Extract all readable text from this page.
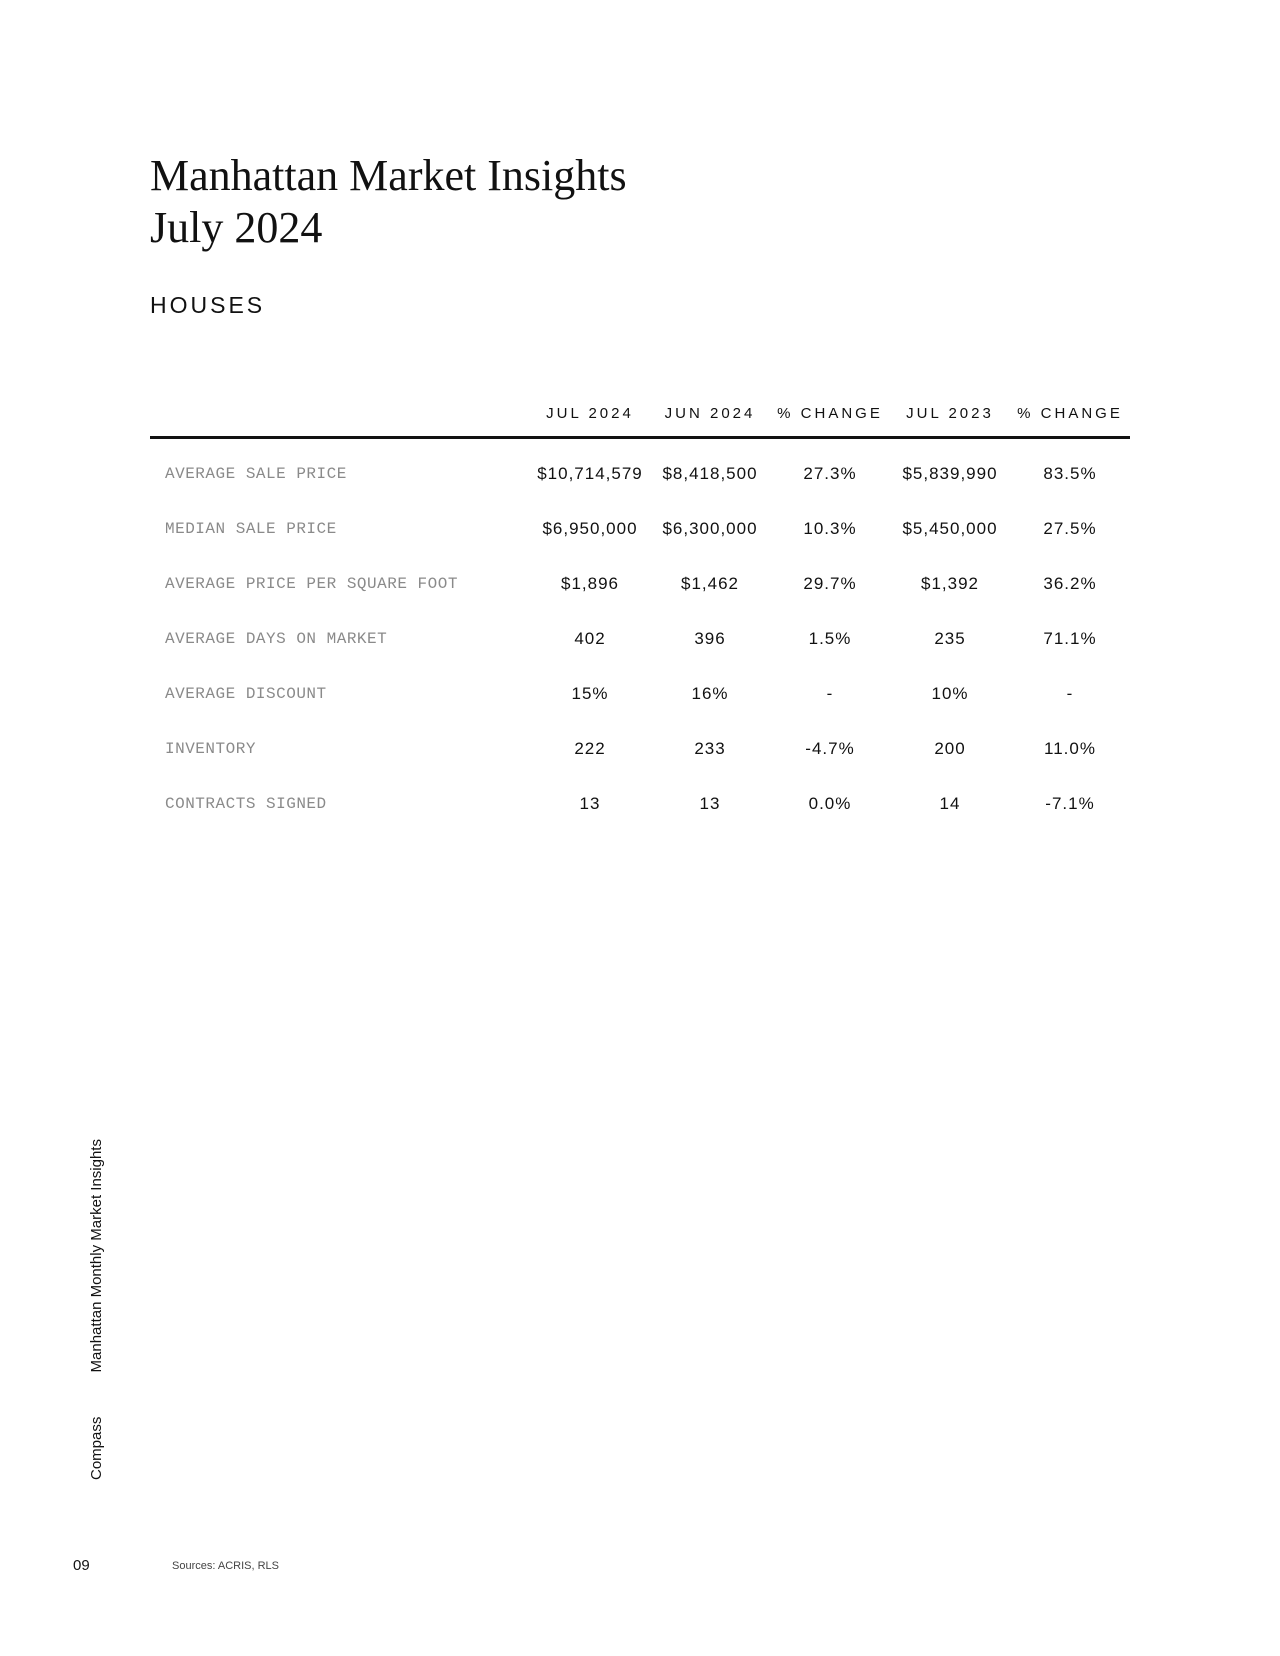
Manhattan Market Insights
July 2024
HOUSES
	JUL 2024	JUN 2024	% CHANGE	JUL 2023	% CHANGE
AVERAGE SALE PRICE	$10,714,579	$8,418,500	27.3%	$5,839,990	83.5%
MEDIAN SALE PRICE	$6,950,000	$6,300,000	10.3%	$5,450,000	27.5%
AVERAGE PRICE PER SQUARE FOOT	$1,896	$1,462	29.7%	$1,392	36.2%
AVERAGE DAYS ON MARKET	402	396	1.5%	235	71.1%
AVERAGE DISCOUNT	15%	16%	-	10%	-
INVENTORY	222	233	-4.7%	200	11.0%
CONTRACTS SIGNED	13	13	0.0%	14	-7.1%
Compass Manhattan Monthly Market Insights
09	Sources: ACRIS, RLS
